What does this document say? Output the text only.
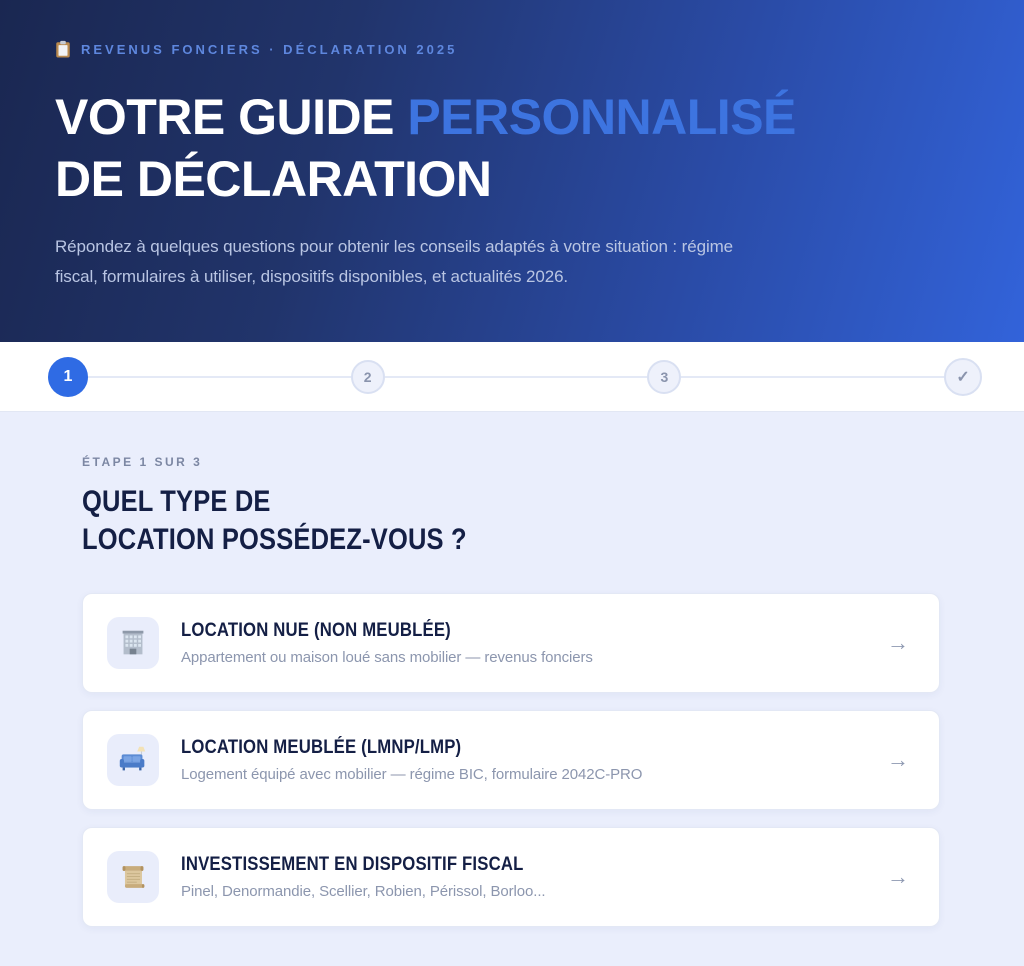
REVENUS FONCIERS · DÉCLARATION 2025
VOTRE GUIDE PERSONNALISÉ DE DÉCLARATION

Répondez à quelques questions pour obtenir les conseils adaptés à votre situation : régime fiscal, formulaires à utiliser, dispositifs disponibles, et actualités 2026.

1	2	3	✓
ÉTAPE 1 SUR 3
QUEL TYPE DE
LOCATION POSSÉDEZ-VOUS ?
LOCATION NUE (NON MEUBLÉE)
Appartement ou maison loué sans mobilier — revenus fonciers
→
LOCATION MEUBLÉE (LMNP/LMP)
Logement équipé avec mobilier — régime BIC, formulaire 2042C-PRO
→
INVESTISSEMENT EN DISPOSITIF FISCAL
Pinel, Denormandie, Scellier, Robien, Périssol, Borloo...
→
